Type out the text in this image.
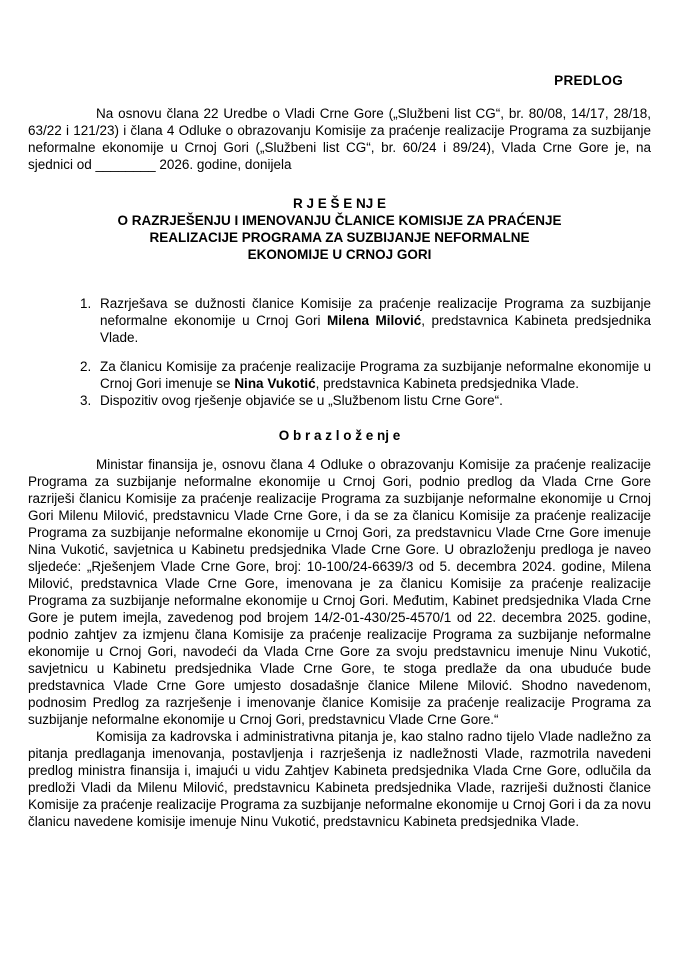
PREDLOG

Na osnovu člana 22 Uredbe o Vladi Crne Gore („Službeni list CG“, br. 80/08, 14/17, 28/18, 63/22 i 121/23) i člana 4 Odluke o obrazovanju Komisije za praćenje realizacije Programa za suzbijanje neformalne ekonomije u Crnoj Gori („Službeni list CG“, br. 60/24 i 89/24), Vlada Crne Gore je, na sjednici od ________ 2026. godine, donijela

R J E Š E NJ E
O RAZRJEŠENJU I IMENOVANJU ČLANICE KOMISIJE ZA PRAĆENJE
REALIZACIJE PROGRAMA ZA SUZBIJANJE NEFORMALNE
EKONOMIJE U CRNOJ GORI
1. Razrješava se dužnosti članice Komisije za praćenje realizacije Programa za suzbijanje neformalne ekonomije u Crnoj Gori Milena Milović, predstavnica Kabineta predsjednika Vlade.
2. Za članicu Komisije za praćenje realizacije Programa za suzbijanje neformalne ekonomije u Crnoj Gori imenuje se Nina Vukotić, predstavnica Kabineta predsjednika Vlade.
3. Dispozitiv ovog rješenje objaviće se u „Službenom listu Crne Gore“.
O b r a z l o ž e nj e

Ministar finansija je, osnovu člana 4 Odluke o obrazovanju Komisije za praćenje realizacije Programa za suzbijanje neformalne ekonomije u Crnoj Gori, podnio predlog da Vlada Crne Gore razriješi članicu Komisije za praćenje realizacije Programa za suzbijanje neformalne ekonomije u Crnoj Gori Milenu Milović, predstavnicu Vlade Crne Gore, i da se za članicu Komisije za praćenje realizacije Programa za suzbijanje neformalne ekonomije u Crnoj Gori, za predstavnicu Vlade Crne Gore imenuje Nina Vukotić, savjetnica u Kabinetu predsjednika Vlade Crne Gore. U obrazloženju predloga je naveo sljedeće: „Rješenjem Vlade Crne Gore, broj: 10-100/24-6639/3 od 5. decembra 2024. godine, Milena Milović, predstavnica Vlade Crne Gore, imenovana je za članicu Komisije za praćenje realizacije Programa za suzbijanje neformalne ekonomije u Crnoj Gori. Međutim, Kabinet predsjednika Vlada Crne Gore je putem imejla, zavedenog pod brojem 14/2-01-430/25-4570/1 od 22. decembra 2025. godine, podnio zahtjev za izmjenu člana Komisije za praćenje realizacije Programa za suzbijanje neformalne ekonomije u Crnoj Gori, navodeći da Vlada Crne Gore za svoju predstavnicu imenuje Ninu Vukotić, savjetnicu u Kabinetu predsjednika Vlade Crne Gore, te stoga predlaže da ona ubuduće bude predstavnica Vlade Crne Gore umjesto dosadašnje članice Milene Milović. Shodno navedenom, podnosim Predlog za razrješenje i imenovanje članice Komisije za praćenje realizacije Programa za suzbijanje neformalne ekonomije u Crnoj Gori, predstavnicu Vlade Crne Gore.“

Komisija za kadrovska i administrativna pitanja je, kao stalno radno tijelo Vlade nadležno za pitanja predlaganja imenovanja, postavljenja i razrješenja iz nadležnosti Vlade, razmotrila navedeni predlog ministra finansija i, imajući u vidu Zahtjev Kabineta predsjednika Vlada Crne Gore, odlučila da predloži Vladi da Milenu Milović, predstavnicu Kabineta predsjednika Vlade, razriješi dužnosti članice Komisije za praćenje realizacije Programa za suzbijanje neformalne ekonomije u Crnoj Gori i da za novu članicu navedene komisije imenuje Ninu Vukotić, predstavnicu Kabineta predsjednika Vlade.
